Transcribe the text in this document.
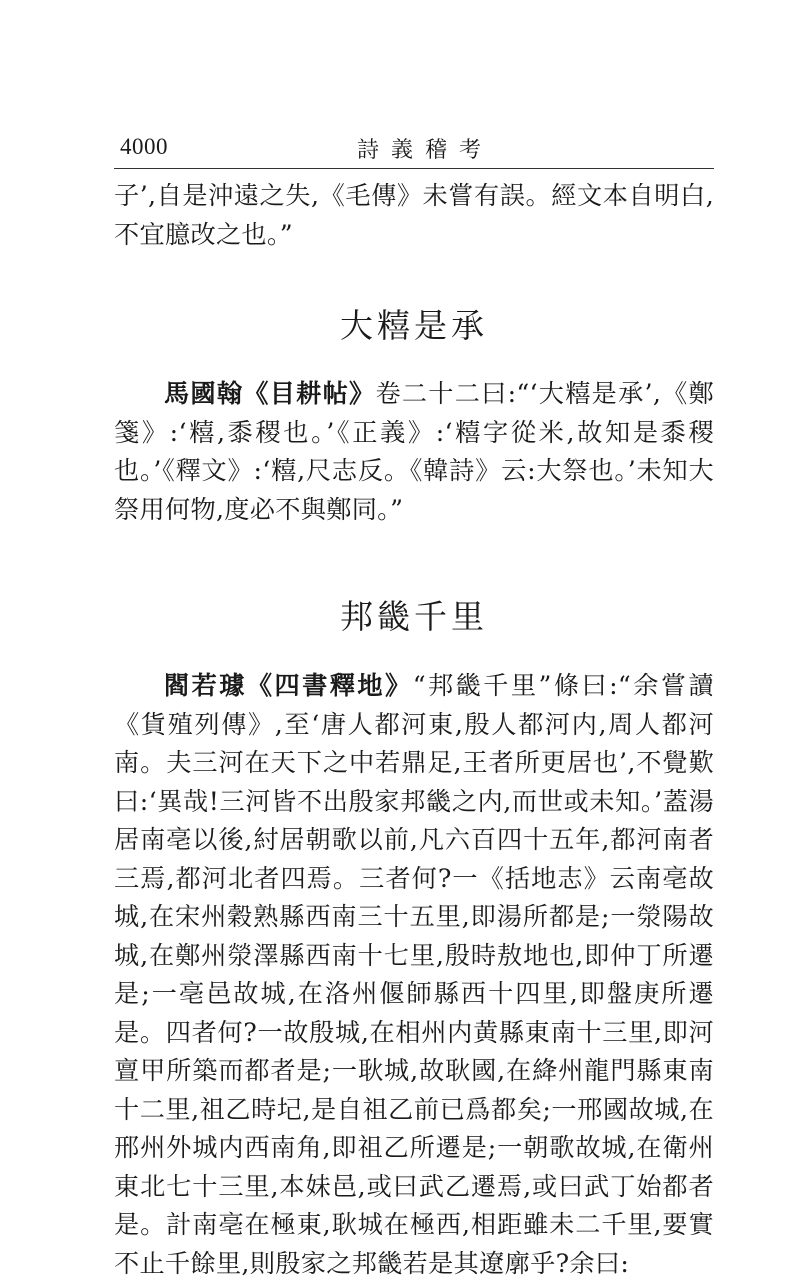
4000	詩義稽考

子’,自是沖遠之失,《毛傳》未嘗有誤。經文本自明白,不宜臆改之也。”

大糦是承

馬國翰《目耕帖》卷二十二曰:“‘大糦是承’,《鄭箋》:‘糦,黍稷也。’《正義》:‘糦字從米,故知是黍稷也。’《釋文》:‘糦,尺志反。《韓詩》云:大祭也。’未知大祭用何物,度必不與鄭同。”

邦畿千里

閻若璩《四書釋地》“邦畿千里”條曰:“余嘗讀《貨殖列傳》,至‘唐人都河東,殷人都河内,周人都河南。夫三河在天下之中若鼎足,王者所更居也’,不覺歎曰:‘異哉!三河皆不出殷家邦畿之内,而世或未知。’蓋湯居南亳以後,紂居朝歌以前,凡六百四十五年,都河南者三焉,都河北者四焉。三者何?一《括地志》云南亳故城,在宋州穀熟縣西南三十五里,即湯所都是;一滎陽故城,在鄭州滎澤縣西南十七里,殷時敖地也,即仲丁所遷是;一亳邑故城,在洛州偃師縣西十四里,即盤庚所遷是。四者何?一故殷城,在相州内黄縣東南十三里,即河亶甲所築而都者是;一耿城,故耿國,在絳州龍門縣東南十二里,祖乙時圮,是自祖乙前已爲都矣;一邢國故城,在邢州外城内西南角,即祖乙所遷是;一朝歌故城,在衛州東北七十三里,本妹邑,或曰武乙遷焉,或曰武丁始都者是。計南亳在極東,耿城在極西,相距雖未二千里,要實不止千餘里,則殷家之邦畿若是其遼廓乎?余曰:
